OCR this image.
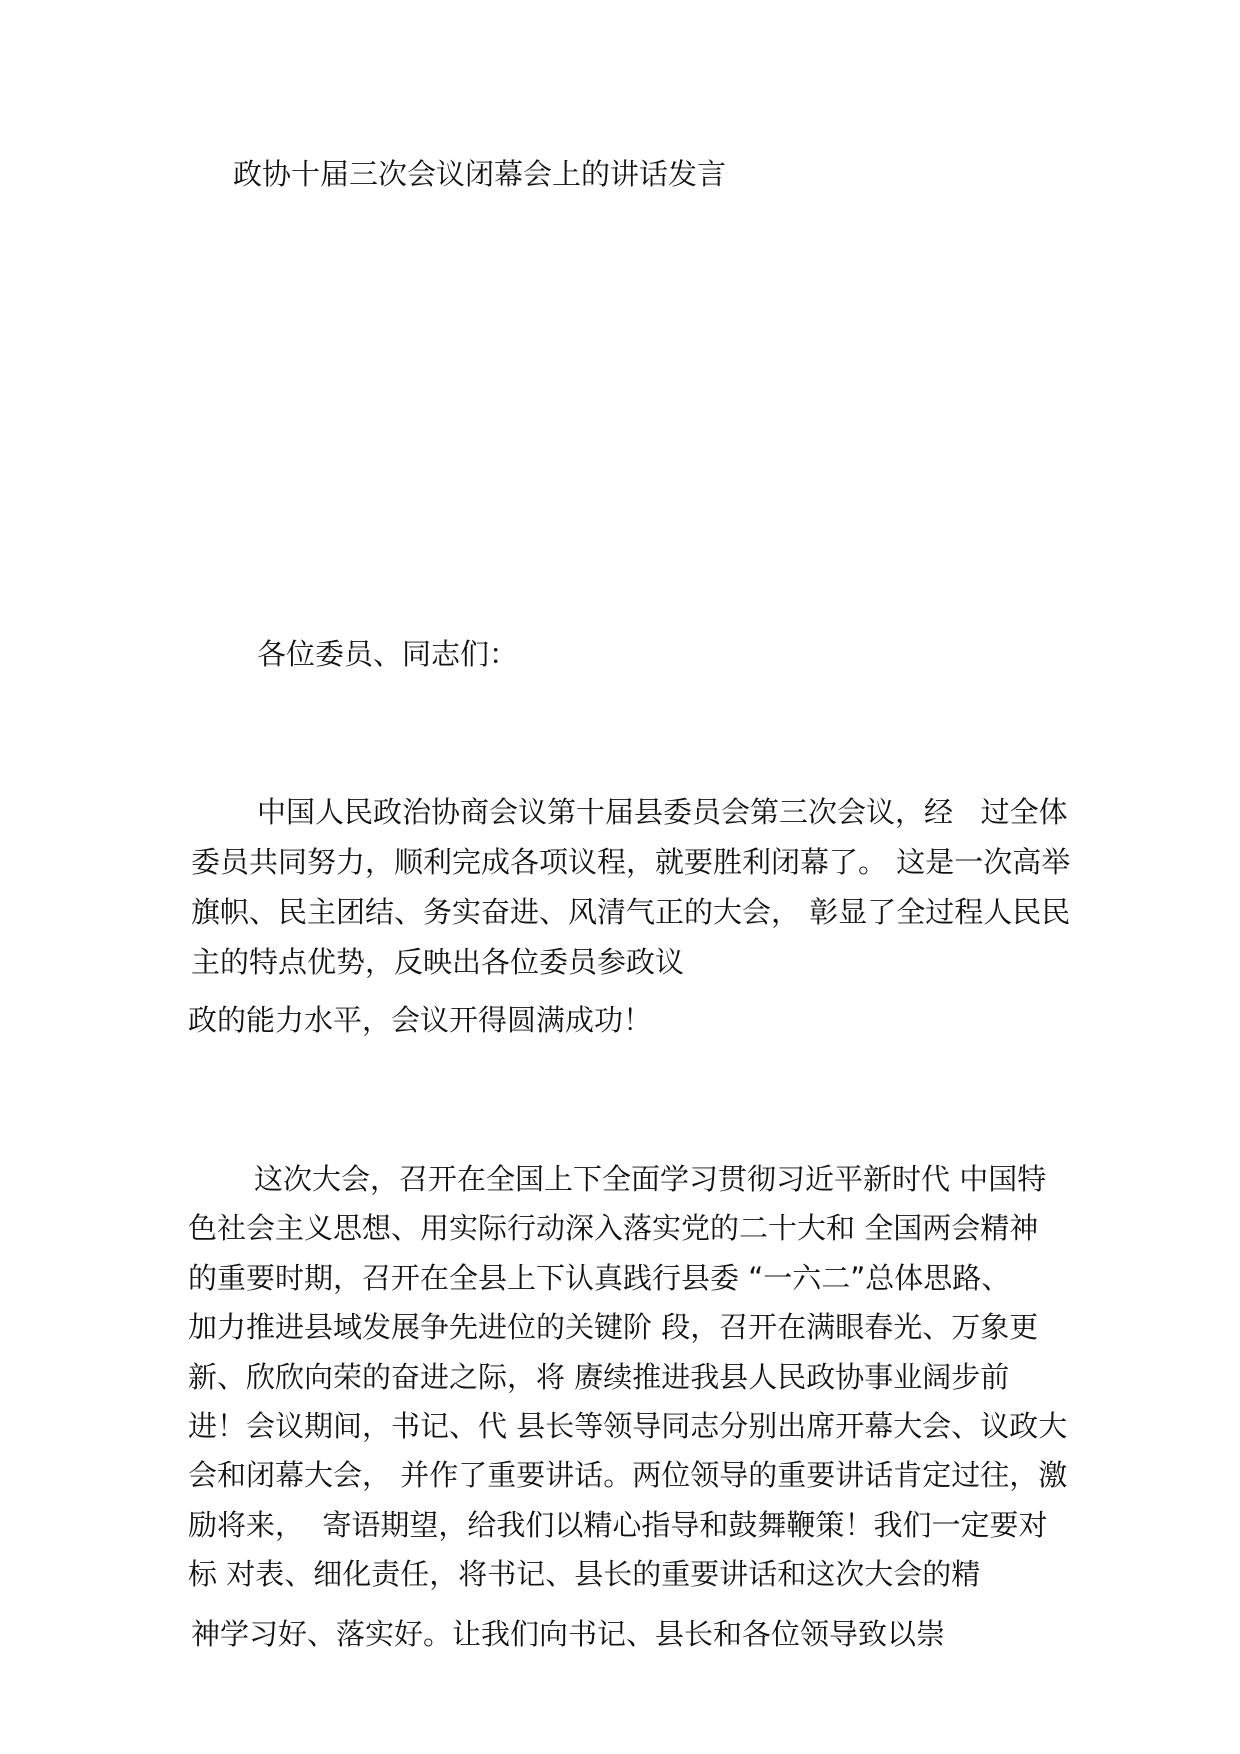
政协十届三次会议闭幕会上的讲话发言
各位委员、同志们：
中国人民政治协商会议第十届县委员会第三次会议，经   过全体
委员共同努力，顺利完成各项议程，就要胜利闭幕了。 这是一次高举
旗帜、民主团结、务实奋进、风清气正的大会， 彰显了全过程人民民
主的特点优势，反映出各位委员参政议
政的能力水平，会议开得圆满成功！
这次大会，召开在全国上下全面学习贯彻习近平新时代 中国特
色社会主义思想、用实际行动深入落实党的二十大和 全国两会精神
的重要时期，召开在全县上下认真践行县委 “一六二”总体思路、
加力推进县域发展争先进位的关键阶 段，召开在满眼春光、万象更
新、欣欣向荣的奋进之际，将 赓续推进我县人民政协事业阔步前
进！会议期间，书记、代 县长等领导同志分别出席开幕大会、议政大
会和闭幕大会， 并作了重要讲话。两位领导的重要讲话肯定过往，激
励将来，  寄语期望，给我们以精心指导和鼓舞鞭策！我们一定要对
标 对表、细化责任，将书记、县长的重要讲话和这次大会的精
神学习好、落实好。让我们向书记、县长和各位领导致以崇
